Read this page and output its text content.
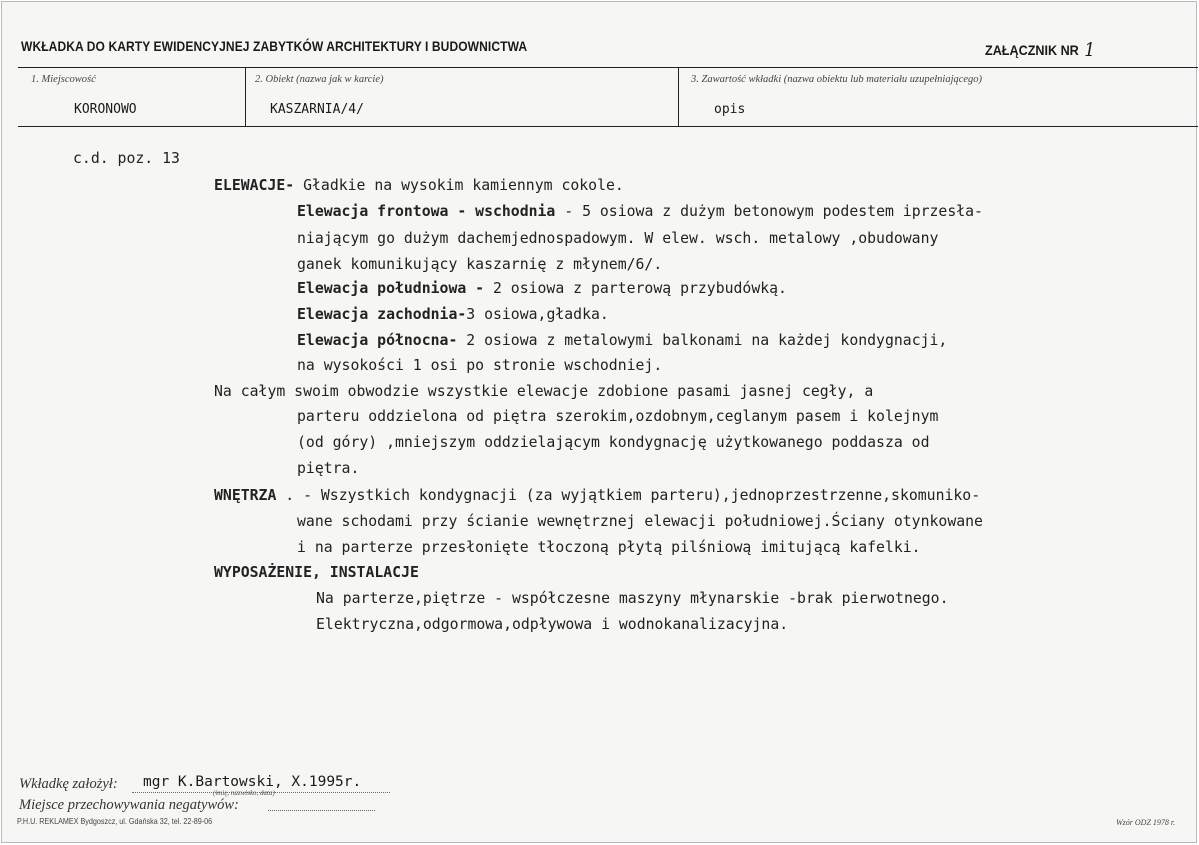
WKŁADKA DO KARTY EWIDENCYJNEJ ZABYTKÓW ARCHITEKTURY I BUDOWNICTWA	ZAŁĄCZNIK NR 1
1. Miejscowość
KORONOWO
2. Obiekt (nazwa jak w karcie)
KASZARNIA/4/
3. Zawartość wkładki (nazwa obiektu lub materiału uzupełniającego)
opis
c.d. poz. 13
ELEWACJE- Gładkie na wysokim kamiennym cokole.
Elewacja frontowa - wschodnia - 5 osiowa z dużym betonowym podestem iprzesła-
niającym go dużym dachemjednospadowym. W elew. wsch. metalowy ,obudowany
ganek komunikujący kaszarnię z młynem/6/.
Elewacja południowa - 2 osiowa z parterową przybudówką.
Elewacja zachodnia-3 osiowa,gładka.
Elewacja północna- 2 osiowa z metalowymi balkonami na każdej kondygnacji,
na wysokości 1 osi po stronie wschodniej.
Na całym swoim obwodzie wszystkie elewacje zdobione pasami jasnej cegły, a
parteru oddzielona od piętra szerokim,ozdobnym,ceglanym pasem i kolejnym
(od góry) ,mniejszym oddzielającym kondygnację użytkowanego poddasza od
piętra.
WNĘTRZA . - Wszystkich kondygnacji (za wyjątkiem parteru),jednoprzestrzenne,skomuniko-
wane schodami przy ścianie wewnętrznej elewacji południowej.Ściany otynkowane
i na parterze przesłonięte tłoczoną płytą pilśniową imitującą kafelki.
WYPOSAŻENIE, INSTALACJE
Na parterze,piętrze - współczesne maszyny młynarskie -brak pierwotnego.
Elektryczna,odgormowa,odpływowa i wodnokanalizacyjna.
Wkładkę założył: mgr K.Bartowski, X.1995r.
(imię, nazwisko, data)
Miejsce przechowywania negatywów:
P.H.U. REKLAMEX Bydgoszcz, ul. Gdańska 32, tel. 22-89-06	Wzór ODZ 1978 r.
